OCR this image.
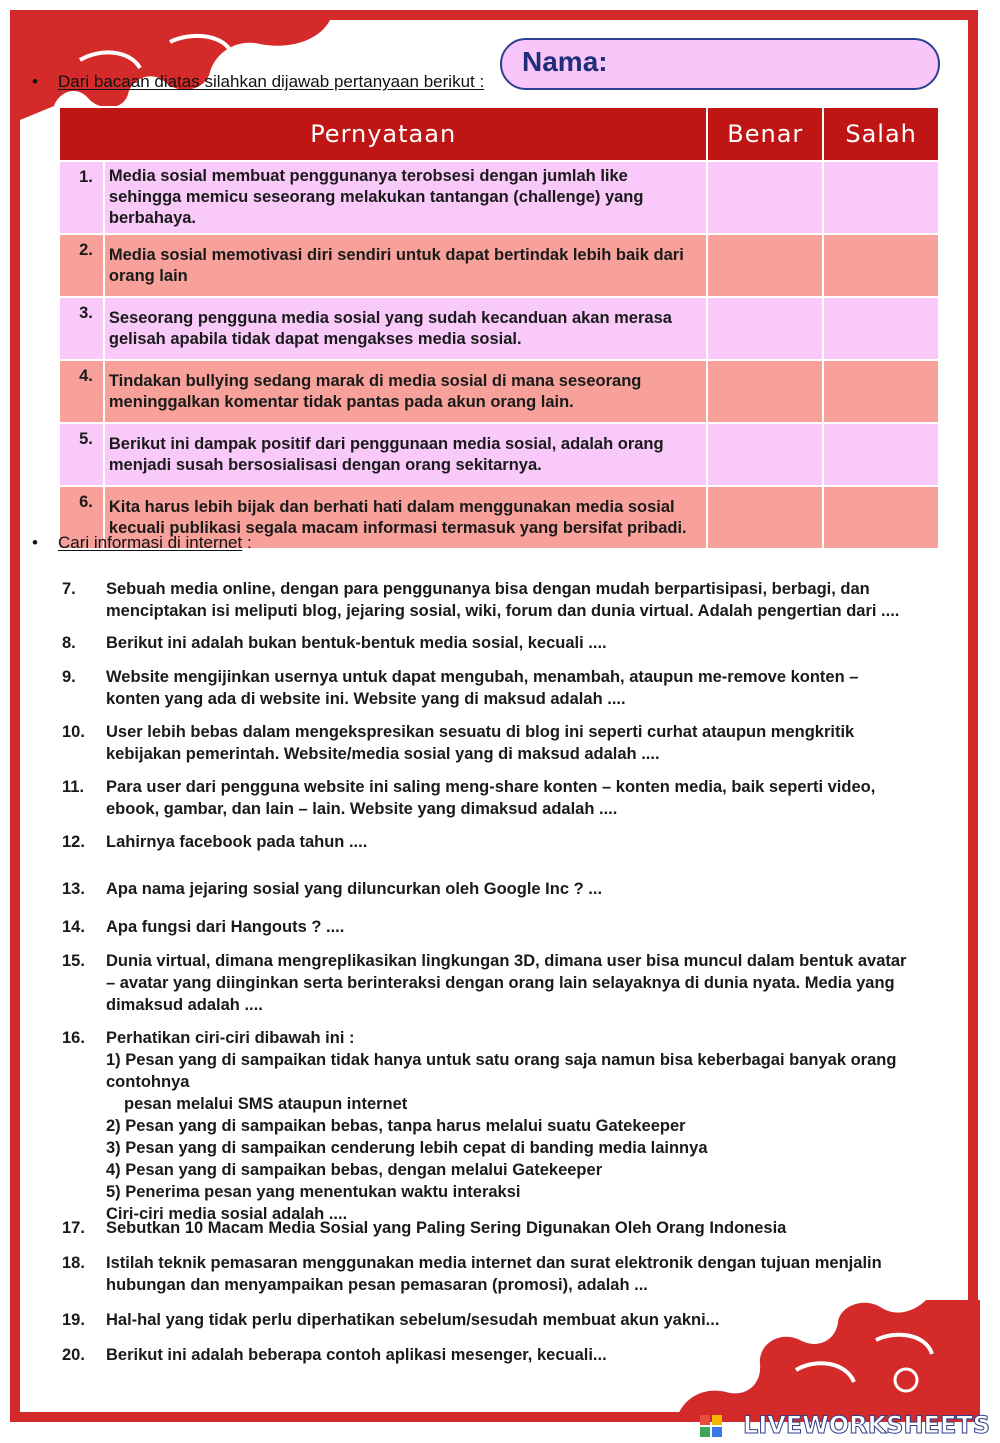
Nama:
• Dari bacaan diatas silahkan dijawab pertanyaan berikut :
Pernyataan		Benar	Salah
1.	Media sosial membuat penggunanya terobsesi dengan jumlah like sehingga memicu seseorang melakukan tantangan (challenge) yang berbahaya.		
2.	Media sosial memotivasi diri sendiri untuk dapat bertindak lebih baik dari orang lain		
3.	Seseorang pengguna media sosial yang sudah kecanduan akan merasa gelisah apabila tidak dapat mengakses media sosial.		
4.	Tindakan bullying sedang marak di media sosial di mana seseorang meninggalkan komentar tidak pantas pada akun orang lain.		
5.	Berikut ini dampak positif dari penggunaan media sosial, adalah orang menjadi susah bersosialisasi dengan orang sekitarnya.		
6.	Kita harus lebih bijak dan berhati hati dalam menggunakan media sosial kecuali publikasi segala macam informasi termasuk yang bersifat pribadi.		
• Cari informasi di internet :
7.	Sebuah media online, dengan para penggunanya bisa dengan mudah berpartisipasi, berbagi, dan menciptakan isi meliputi blog, jejaring sosial, wiki, forum dan dunia virtual. Adalah pengertian dari ....
8.	Berikut ini adalah bukan bentuk-bentuk media sosial, kecuali ....
9.	Website mengijinkan usernya untuk dapat mengubah, menambah, ataupun me-remove konten – konten yang ada di website ini. Website yang di maksud adalah ....
10.	User lebih bebas dalam mengekspresikan sesuatu di blog ini seperti curhat ataupun mengkritik kebijakan pemerintah. Website/media sosial yang di maksud adalah ....
11.	Para user dari pengguna website ini saling meng-share konten – konten media, baik seperti video, ebook, gambar, dan lain – lain. Website yang dimaksud adalah ....
12.	Lahirnya facebook pada tahun ....
13.	Apa nama jejaring sosial yang diluncurkan oleh Google Inc ? ...
14.	Apa fungsi dari Hangouts ? ....
15.	Dunia virtual, dimana mengreplikasikan lingkungan 3D, dimana user bisa muncul dalam bentuk avatar – avatar yang diinginkan serta berinteraksi dengan orang lain selayaknya di dunia nyata. Media yang dimaksud adalah ....
16.	Perhatikan ciri-ciri dibawah ini :
1) Pesan yang di sampaikan tidak hanya untuk satu orang saja namun bisa keberbagai banyak orang contohnya
pesan melalui SMS ataupun internet
2) Pesan yang di sampaikan bebas, tanpa harus melalui suatu Gatekeeper
3) Pesan yang di sampaikan cenderung lebih cepat di banding media lainnya
4) Pesan yang di sampaikan bebas, dengan melalui Gatekeeper
5) Penerima pesan yang menentukan waktu interaksi
Ciri-ciri media sosial adalah ....
17.	Sebutkan 10 Macam Media Sosial yang Paling Sering Digunakan Oleh Orang Indonesia
18.	Istilah teknik pemasaran menggunakan media internet dan surat elektronik dengan tujuan menjalin hubungan dan menyampaikan pesan pemasaran (promosi), adalah ...
19.	Hal-hal yang tidak perlu diperhatikan sebelum/sesudah membuat akun yakni...
20.	Berikut ini adalah beberapa contoh aplikasi mesenger, kecuali...
LIVEWORKSHEETS
